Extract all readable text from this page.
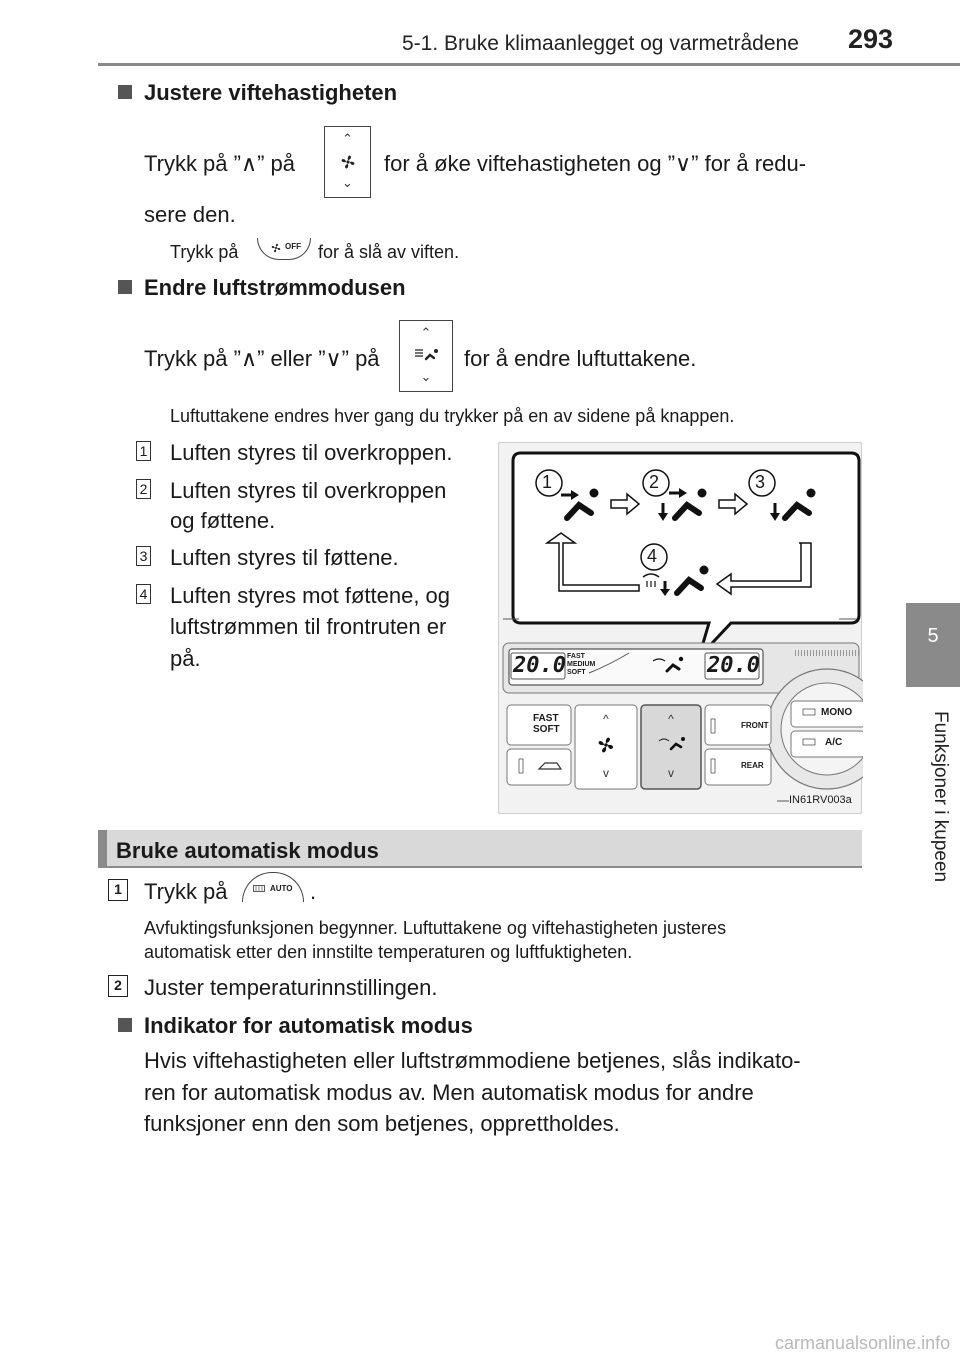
5-1. Bruke klimaanlegget og varmetrådene 293
5
Funksjoner i kupeen
Justere viftehastigheten
Trykk på ”∧” på
⌃
⌄
for å øke viftehastigheten og ”∨” for å redu-
sere den.
Trykk på	OFF for å slå av viften.
Endre luftstrømmodusen
Trykk på ”∧” eller ”∨” på
⌃
⌄
for å endre luftuttakene.
Luftuttakene endres hver gang du trykker på en av sidene på knappen.
1 Luften styres til overkroppen.
2 Luften styres til overkroppen
og føttene.
3 Luften styres til føttene.
4 Luften styres mot føttene, og
luftstrømmen til frontruten er
på.
^
v
^
v
1	2	3
4
20.0	20.0
FAST
MEDIUM
SOFT
FAST
SOFT	FRONT
REAR
MONO
A/C
IN61RV003a
Bruke automatisk modus
1 Trykk på	AUTO .
Avfuktingsfunksjonen begynner. Luftuttakene og viftehastigheten justeres
automatisk etter den innstilte temperaturen og luftfuktigheten.
2 Juster temperaturinnstillingen.
Indikator for automatisk modus
Hvis viftehastigheten eller luftstrømmodiene betjenes, slås indikato-
ren for automatisk modus av. Men automatisk modus for andre
funksjoner enn den som betjenes, opprettholdes.
carmanualsonline.info
